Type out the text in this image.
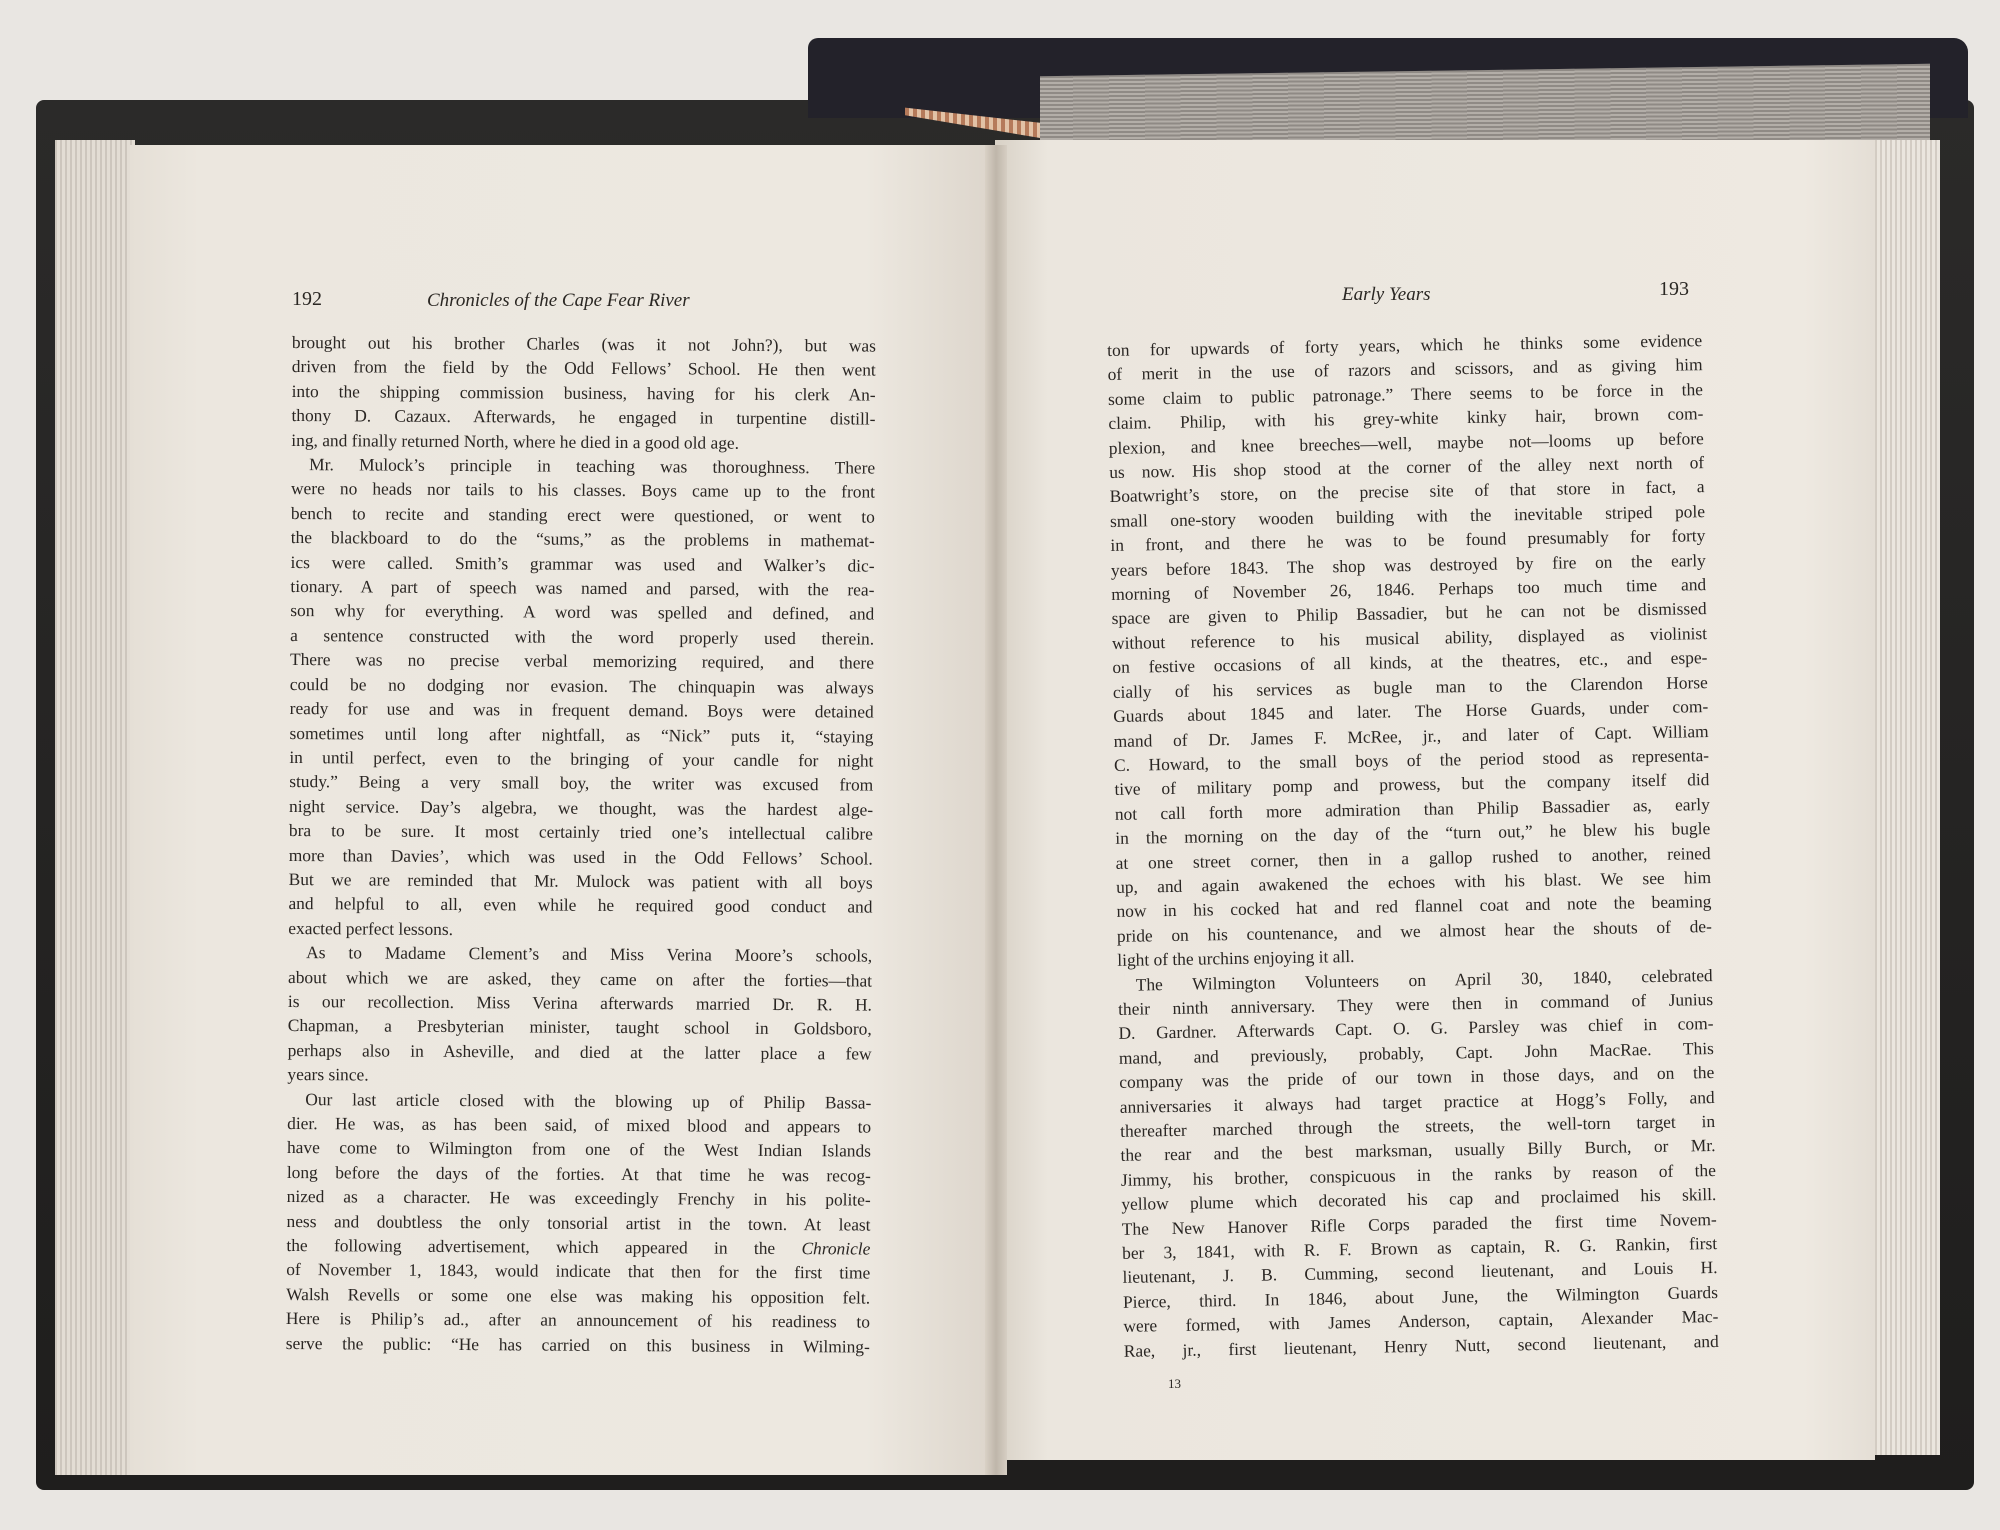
192	Chronicles of the Cape Fear River	Early Years	193
brought out his brother Charles (was it not John?), but was
driven from the field by the Odd Fellows’ School. He then went
into the shipping commission business, having for his clerk An-
thony D. Cazaux. Afterwards, he engaged in turpentine distill-
ing, and finally returned North, where he died in a good old age.
Mr. Mulock’s principle in teaching was thoroughness. There
were no heads nor tails to his classes. Boys came up to the front
bench to recite and standing erect were questioned, or went to
the blackboard to do the “sums,” as the problems in mathemat-
ics were called. Smith’s grammar was used and Walker’s dic-
tionary. A part of speech was named and parsed, with the rea-
son why for everything. A word was spelled and defined, and
a sentence constructed with the word properly used therein.
There was no precise verbal memorizing required, and there
could be no dodging nor evasion. The chinquapin was always
ready for use and was in frequent demand. Boys were detained
sometimes until long after nightfall, as “Nick” puts it, “staying
in until perfect, even to the bringing of your candle for night
study.” Being a very small boy, the writer was excused from
night service. Day’s algebra, we thought, was the hardest alge-
bra to be sure. It most certainly tried one’s intellectual calibre
more than Davies’, which was used in the Odd Fellows’ School.
But we are reminded that Mr. Mulock was patient with all boys
and helpful to all, even while he required good conduct and
exacted perfect lessons.
As to Madame Clement’s and Miss Verina Moore’s schools,
about which we are asked, they came on after the forties—that
is our recollection. Miss Verina afterwards married Dr. R. H.
Chapman, a Presbyterian minister, taught school in Goldsboro,
perhaps also in Asheville, and died at the latter place a few
years since.
Our last article closed with the blowing up of Philip Bassa-
dier. He was, as has been said, of mixed blood and appears to
have come to Wilmington from one of the West Indian Islands
long before the days of the forties. At that time he was recog-
nized as a character. He was exceedingly Frenchy in his polite-
ness and doubtless the only tonsorial artist in the town. At least
the following advertisement, which appeared in the Chronicle
of November 1, 1843, would indicate that then for the first time
Walsh Revells or some one else was making his opposition felt.
Here is Philip’s ad., after an announcement of his readiness to
serve the public: “He has carried on this business in Wilming-
ton for upwards of forty years, which he thinks some evidence
of merit in the use of razors and scissors, and as giving him
some claim to public patronage.” There seems to be force in the
claim. Philip, with his grey-white kinky hair, brown com-
plexion, and knee breeches—well, maybe not—looms up before
us now. His shop stood at the corner of the alley next north of
Boatwright’s store, on the precise site of that store in fact, a
small one-story wooden building with the inevitable striped pole
in front, and there he was to be found presumably for forty
years before 1843. The shop was destroyed by fire on the early
morning of November 26, 1846. Perhaps too much time and
space are given to Philip Bassadier, but he can not be dismissed
without reference to his musical ability, displayed as violinist
on festive occasions of all kinds, at the theatres, etc., and espe-
cially of his services as bugle man to the Clarendon Horse
Guards about 1845 and later. The Horse Guards, under com-
mand of Dr. James F. McRee, jr., and later of Capt. William
C. Howard, to the small boys of the period stood as representa-
tive of military pomp and prowess, but the company itself did
not call forth more admiration than Philip Bassadier as, early
in the morning on the day of the “turn out,” he blew his bugle
at one street corner, then in a gallop rushed to another, reined
up, and again awakened the echoes with his blast. We see him
now in his cocked hat and red flannel coat and note the beaming
pride on his countenance, and we almost hear the shouts of de-
light of the urchins enjoying it all.
The Wilmington Volunteers on April 30, 1840, celebrated
their ninth anniversary. They were then in command of Junius
D. Gardner. Afterwards Capt. O. G. Parsley was chief in com-
mand, and previously, probably, Capt. John MacRae. This
company was the pride of our town in those days, and on the
anniversaries it always had target practice at Hogg’s Folly, and
thereafter marched through the streets, the well-torn target in
the rear and the best marksman, usually Billy Burch, or Mr.
Jimmy, his brother, conspicuous in the ranks by reason of the
yellow plume which decorated his cap and proclaimed his skill.
The New Hanover Rifle Corps paraded the first time Novem-
ber 3, 1841, with R. F. Brown as captain, R. G. Rankin, first
lieutenant, J. B. Cumming, second lieutenant, and Louis H.
Pierce, third. In 1846, about June, the Wilmington Guards
were formed, with James Anderson, captain, Alexander Mac-
Rae, jr., first lieutenant, Henry Nutt, second lieutenant, and
13
